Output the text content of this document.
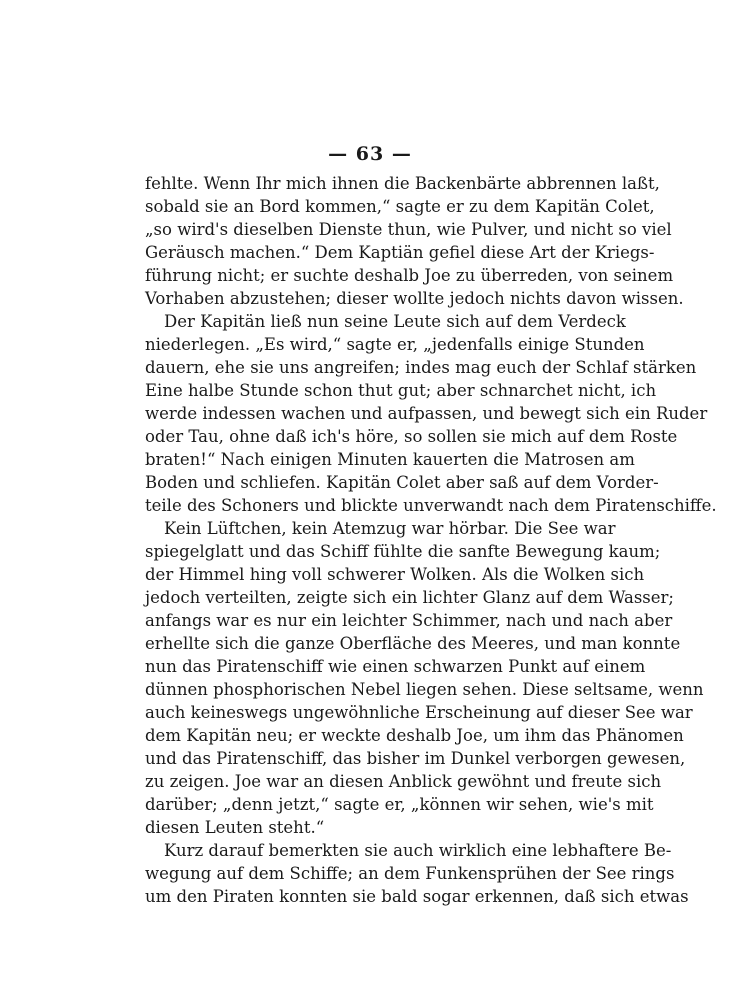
— 63 —
fehlte. Wenn Ihr mich ihnen die Backenbärte abbrennen laßt,
sobald sie an Bord kommen,“ sagte er zu dem Kapitän Colet,
„so wird's dieselben Dienste thun, wie Pulver, und nicht so viel
Geräusch machen.“ Dem Kaptiän gefiel diese Art der Kriegs-
führung nicht; er suchte deshalb Joe zu überreden, von seinem
Vorhaben abzustehen; dieser wollte jedoch nichts davon wissen.
Der Kapitän ließ nun seine Leute sich auf dem Verdeck
niederlegen. „Es wird,“ sagte er, „jedenfalls einige Stunden
dauern, ehe sie uns angreifen; indes mag euch der Schlaf stärken
Eine halbe Stunde schon thut gut; aber schnarchet nicht, ich
werde indessen wachen und aufpassen, und bewegt sich ein Ruder
oder Tau, ohne daß ich's höre, so sollen sie mich auf dem Roste
braten!“ Nach einigen Minuten kauerten die Matrosen am
Boden und schliefen. Kapitän Colet aber saß auf dem Vorder-
teile des Schoners und blickte unverwandt nach dem Piratenschiffe.
Kein Lüftchen, kein Atemzug war hörbar. Die See war
spiegelglatt und das Schiff fühlte die sanfte Bewegung kaum;
der Himmel hing voll schwerer Wolken. Als die Wolken sich
jedoch verteilten, zeigte sich ein lichter Glanz auf dem Wasser;
anfangs war es nur ein leichter Schimmer, nach und nach aber
erhellte sich die ganze Oberfläche des Meeres, und man konnte
nun das Piratenschiff wie einen schwarzen Punkt auf einem
dünnen phosphorischen Nebel liegen sehen. Diese seltsame, wenn
auch keineswegs ungewöhnliche Erscheinung auf dieser See war
dem Kapitän neu; er weckte deshalb Joe, um ihm das Phänomen
und das Piratenschiff, das bisher im Dunkel verborgen gewesen,
zu zeigen. Joe war an diesen Anblick gewöhnt und freute sich
darüber; „denn jetzt,“ sagte er, „können wir sehen, wie's mit
diesen Leuten steht.“
Kurz darauf bemerkten sie auch wirklich eine lebhaftere Be-
wegung auf dem Schiffe; an dem Funkensprühen der See rings
um den Piraten konnten sie bald sogar erkennen, daß sich etwas
